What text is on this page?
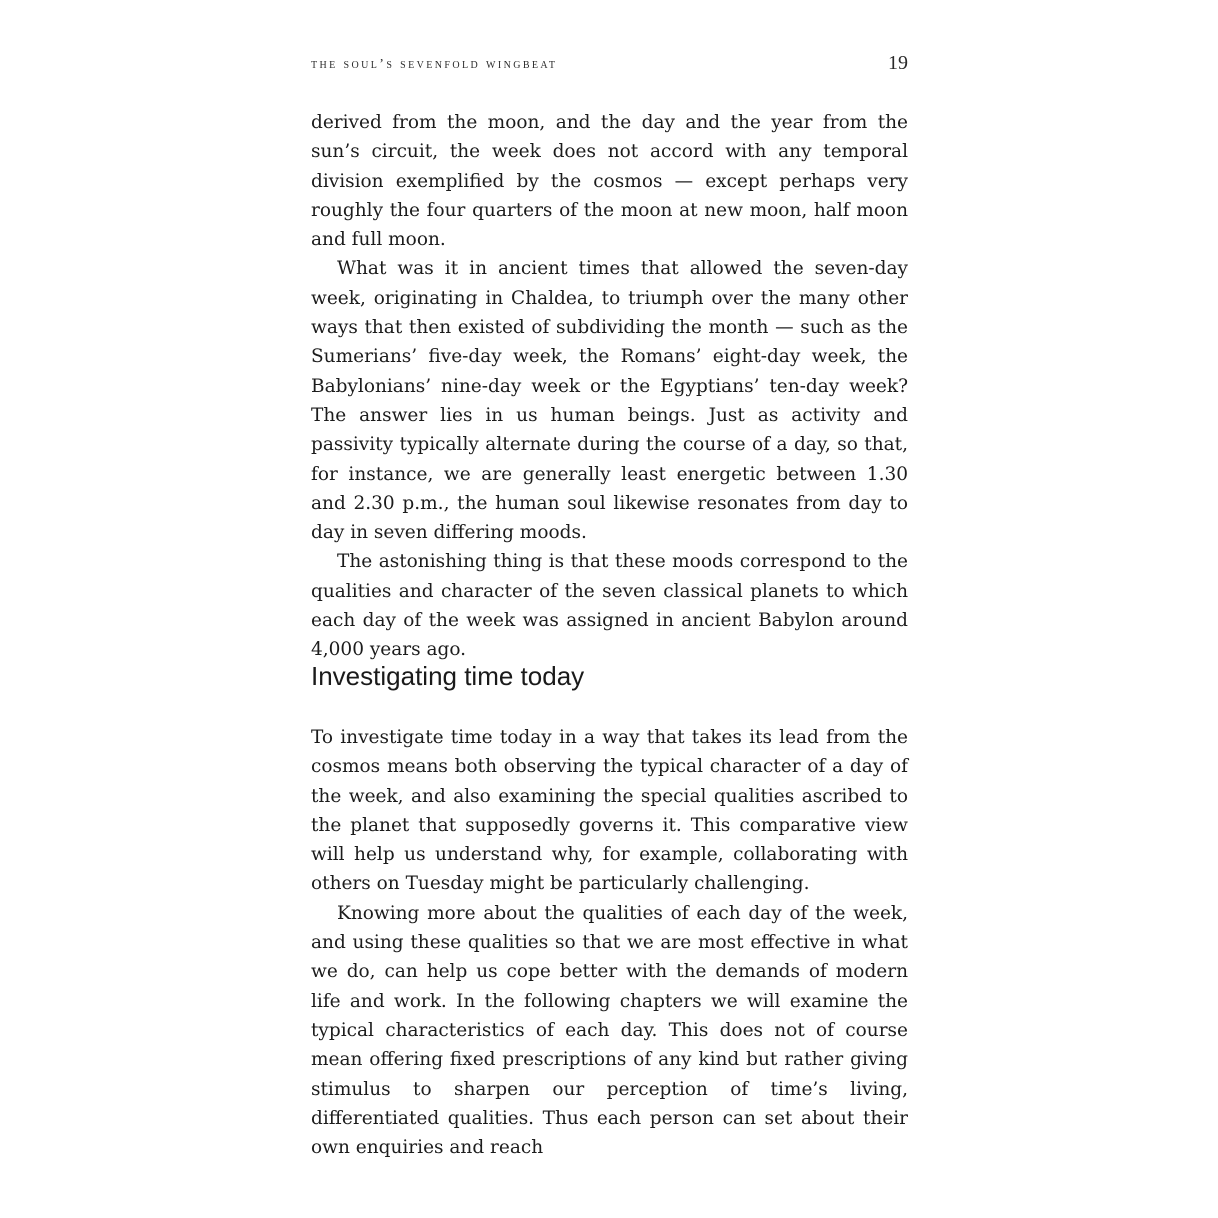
the soul’s sevenfold wingbeat	19

derived from the moon, and the day and the year from the sun’s circuit, the week does not accord with any temporal division exemplified by the cosmos — except perhaps very roughly the four quarters of the moon at new moon, half moon and full moon.

What was it in ancient times that allowed the seven-day week, originating in Chaldea, to triumph over the many other ways that then existed of subdividing the month — such as the Sumerians’ five-day week, the Romans’ eight-day week, the Babylonians’ nine-day week or the Egyptians’ ten-day week? The answer lies in us human beings. Just as activity and passivity typically alternate during the course of a day, so that, for instance, we are generally least energetic between 1.30 and 2.30 p.m., the human soul likewise resonates from day to day in seven differing moods.

The astonishing thing is that these moods correspond to the qualities and character of the seven classical planets to which each day of the week was assigned in ancient Babylon around 4,000 years ago.

Investigating time today

To investigate time today in a way that takes its lead from the cosmos means both observing the typical character of a day of the week, and also examining the special qualities ascribed to the planet that supposedly governs it. This comparative view will help us understand why, for example, collaborating with others on Tuesday might be particularly challenging.

Knowing more about the qualities of each day of the week, and using these qualities so that we are most effective in what we do, can help us cope better with the demands of modern life and work. In the following chapters we will examine the typical characteristics of each day. This does not of course mean offering fixed prescriptions of any kind but rather giving stimulus to sharpen our perception of time’s living, differentiated qualities. Thus each person can set about their own enquiries and reach
